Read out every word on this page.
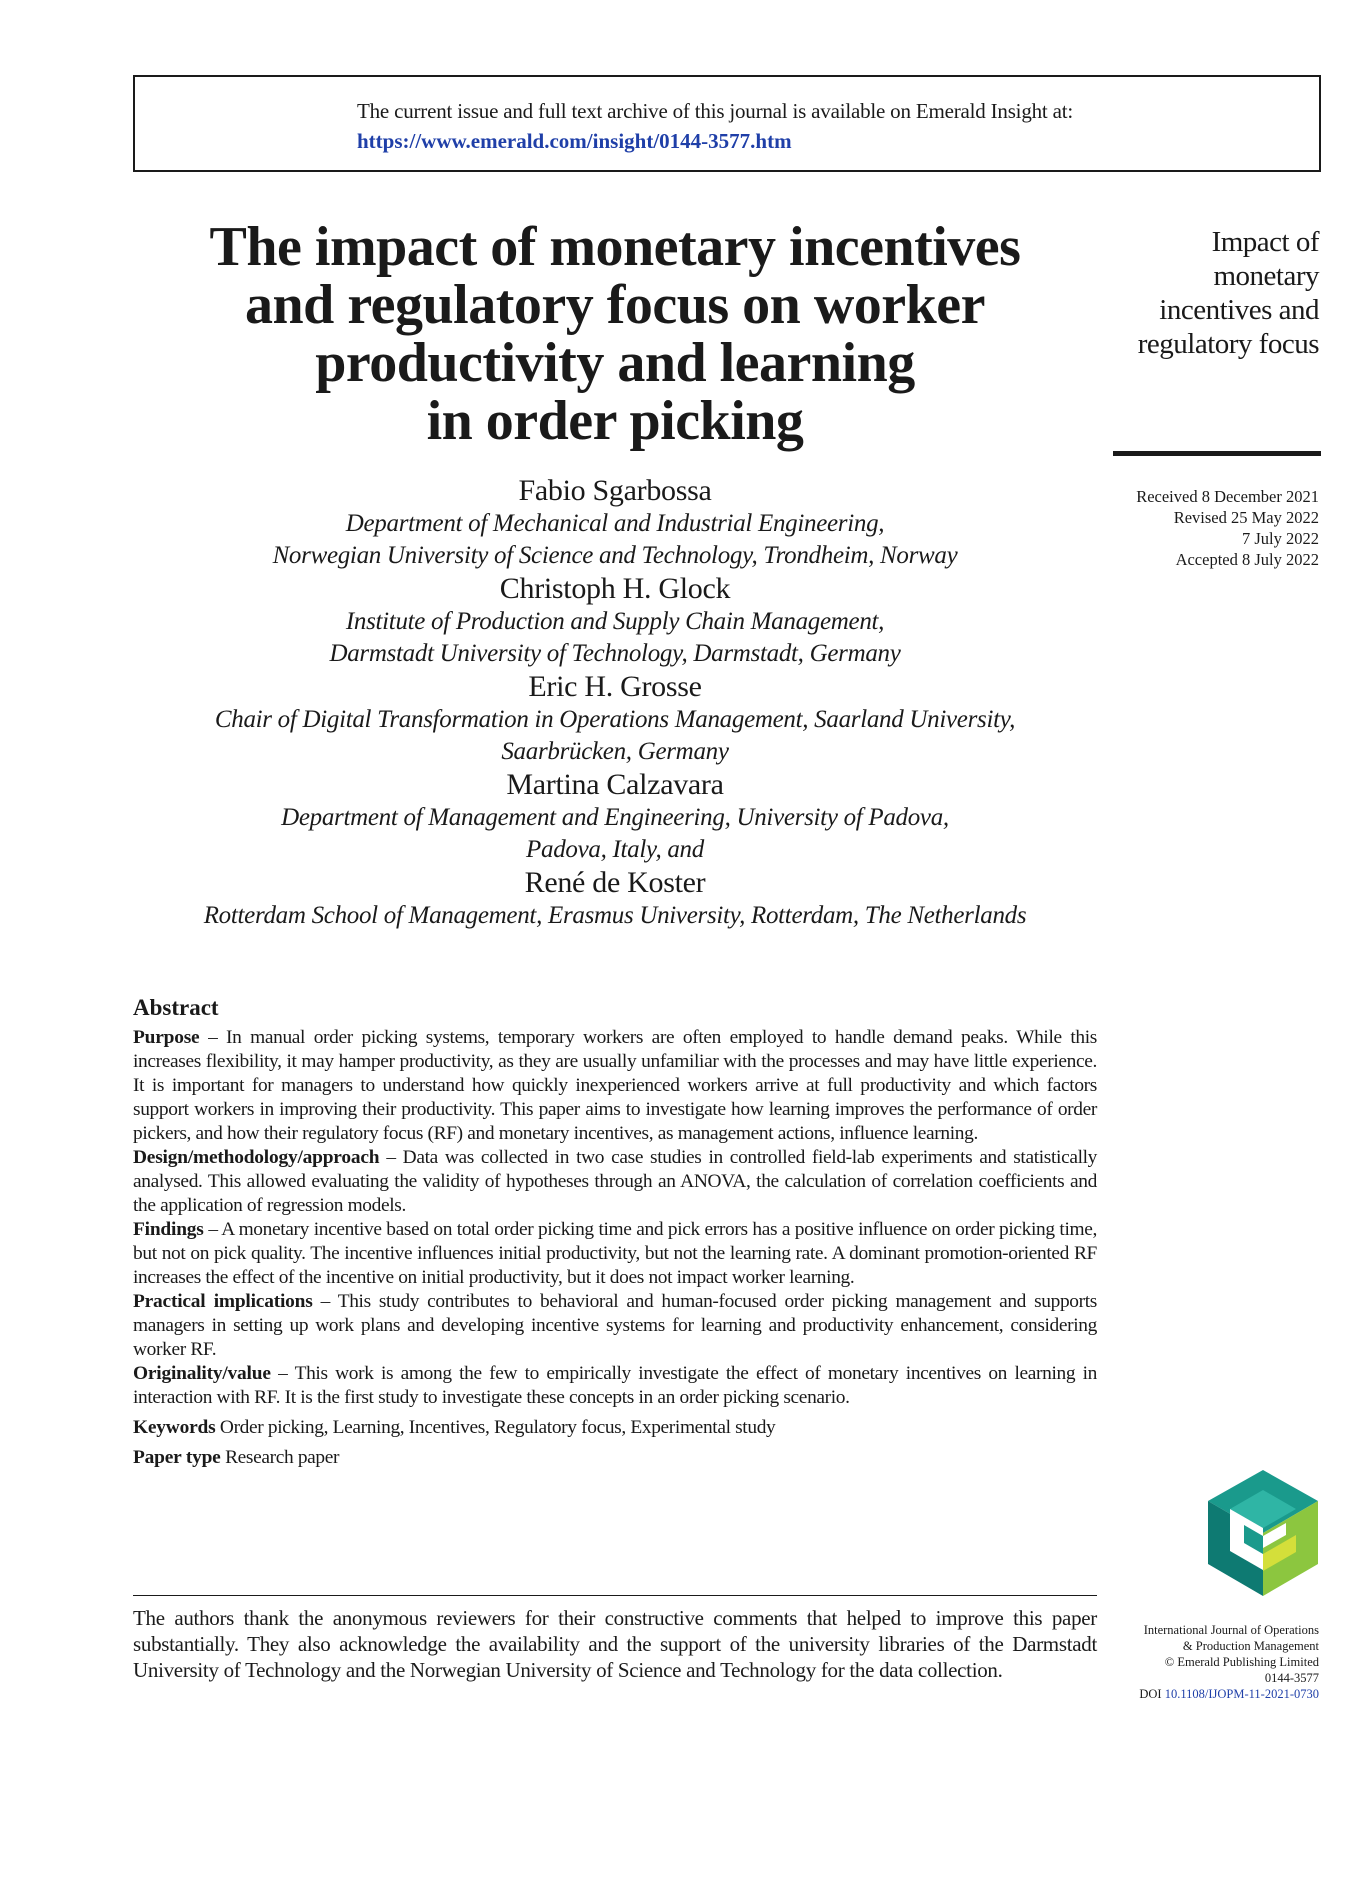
The current issue and full text archive of this journal is available on Emerald Insight at:
https://www.emerald.com/insight/0144-3577.htm
The impact of monetary incentives
and regulatory focus on worker
productivity and learning
in order picking
Impact of
monetary
incentives and
regulatory focus
Received 8 December 2021
Revised 25 May 2022
7 July 2022
Accepted 8 July 2022
Fabio Sgarbossa
Department of Mechanical and Industrial Engineering,
Norwegian University of Science and Technology, Trondheim, Norway
Christoph H. Glock
Institute of Production and Supply Chain Management,
Darmstadt University of Technology, Darmstadt, Germany
Eric H. Grosse
Chair of Digital Transformation in Operations Management, Saarland University,
Saarbrücken, Germany
Martina Calzavara
Department of Management and Engineering, University of Padova,
Padova, Italy, and
René de Koster
Rotterdam School of Management, Erasmus University, Rotterdam, The Netherlands
Abstract

Purpose – In manual order picking systems, temporary workers are often employed to handle demand peaks. While this increases flexibility, it may hamper productivity, as they are usually unfamiliar with the processes and may have little experience. It is important for managers to understand how quickly inexperienced workers arrive at full productivity and which factors support workers in improving their productivity. This paper aims to investigate how learning improves the performance of order pickers, and how their regulatory focus (RF) and monetary incentives, as management actions, influence learning.

Design/methodology/approach – Data was collected in two case studies in controlled field-lab experiments and statistically analysed. This allowed evaluating the validity of hypotheses through an ANOVA, the calculation of correlation coefficients and the application of regression models.

Findings – A monetary incentive based on total order picking time and pick errors has a positive influence on order picking time, but not on pick quality. The incentive influences initial productivity, but not the learning rate. A dominant promotion-oriented RF increases the effect of the incentive on initial productivity, but it does not impact worker learning.

Practical implications – This study contributes to behavioral and human-focused order picking management and supports managers in setting up work plans and developing incentive systems for learning and productivity enhancement, considering worker RF.

Originality/value – This work is among the few to empirically investigate the effect of monetary incentives on learning in interaction with RF. It is the first study to investigate these concepts in an order picking scenario.

Keywords Order picking, Learning, Incentives, Regulatory focus, Experimental study

Paper type Research paper

The authors thank the anonymous reviewers for their constructive comments that helped to improve this paper substantially. They also acknowledge the availability and the support of the university libraries of the Darmstadt University of Technology and the Norwegian University of Science and Technology for the data collection.

International Journal of Operations
& Production Management
© Emerald Publishing Limited
0144-3577
DOI 10.1108/IJOPM-11-2021-0730
